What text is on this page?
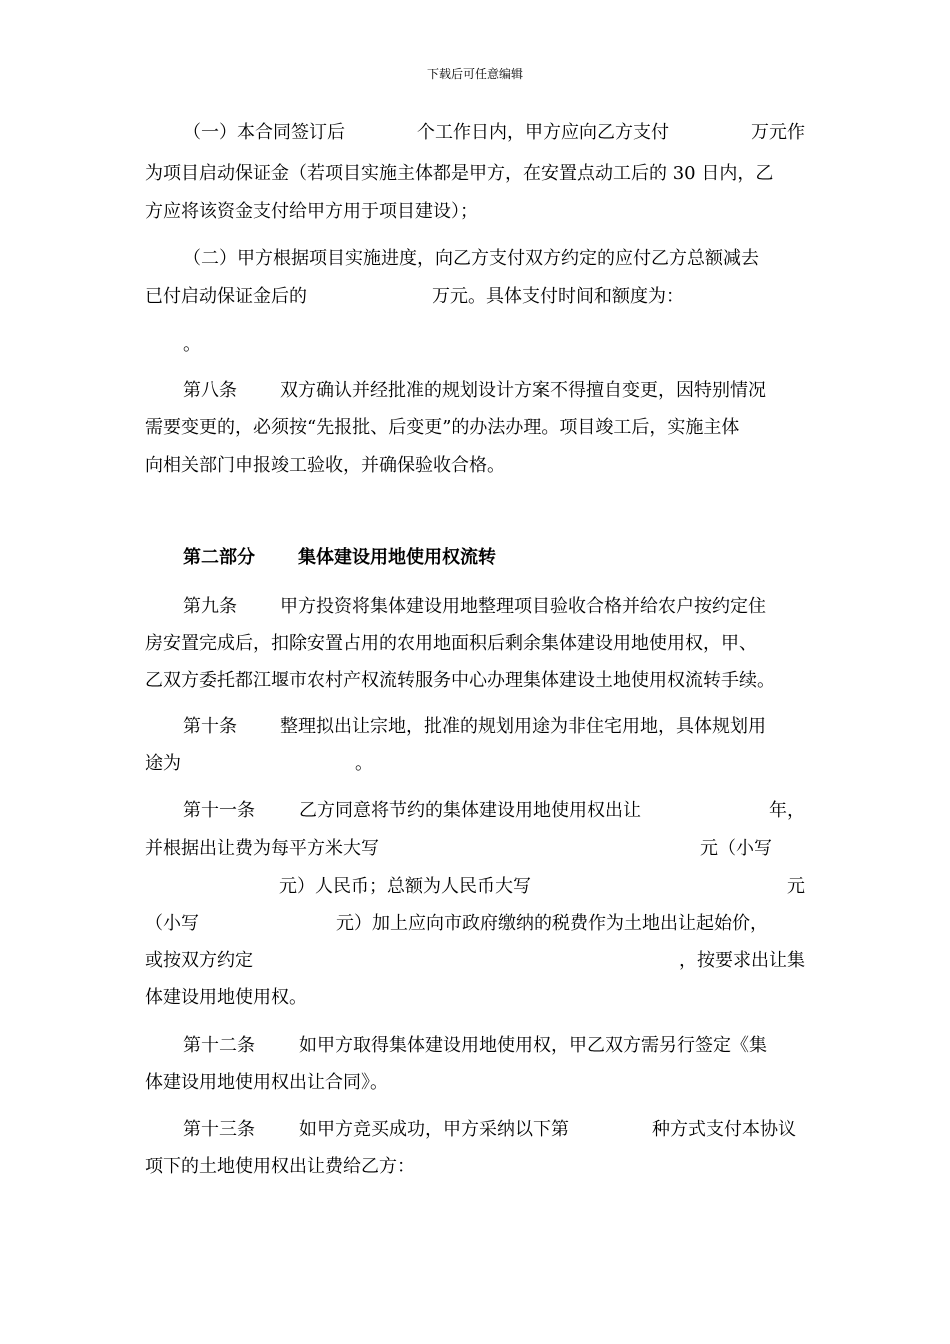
下载后可任意编辑
（一）本合同签订后	个工作日内，甲方应向乙方支付	万元作
为项目启动保证金（若项目实施主体都是甲方，在安置点动工后的 30 日内，乙
方应将该资金支付给甲方用于项目建设）；
（二）甲方根据项目实施进度，向乙方支付双方约定的应付乙方总额减去
已付启动保证金后的	万元。具体支付时间和额度为：
。
第八条 双方确认并经批准的规划设计方案不得擅自变更，因特别情况
需要变更的，必须按“先报批、后变更”的办法办理。项目竣工后，实施主体
向相关部门申报竣工验收，并确保验收合格。
第二部分 集体建设用地使用权流转
第九条 甲方投资将集体建设用地整理项目验收合格并给农户按约定住
房安置完成后，扣除安置占用的农用地面积后剩余集体建设用地使用权，甲、
乙双方委托都江堰市农村产权流转服务中心办理集体建设土地使用权流转手续。
第十条 整理拟出让宗地，批准的规划用途为非住宅用地，具体规划用
途为	。
第十一条 乙方同意将节约的集体建设用地使用权出让	年，
并根据出让费为每平方米大写	元（小写
元）人民币；总额为人民币大写	元
（小写	元）加上应向市政府缴纳的税费作为土地出让起始价，
或按双方约定	，按要求出让集
体建设用地使用权。
第十二条 如甲方取得集体建设用地使用权，甲乙双方需另行签定《集
体建设用地使用权出让合同》。
第十三条 如甲方竞买成功，甲方采纳以下第	种方式支付本协议
项下的土地使用权出让费给乙方：
